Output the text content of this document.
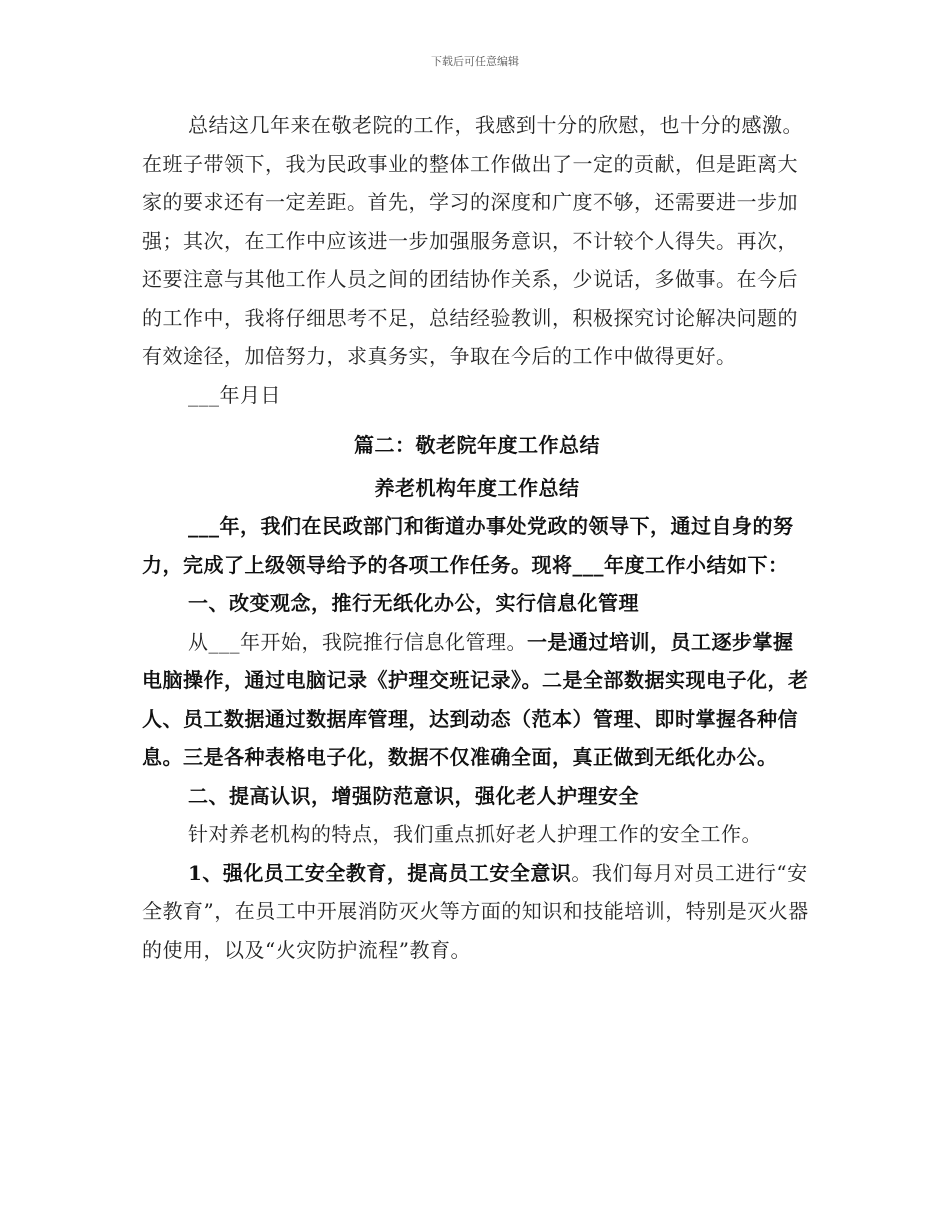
下载后可任意编辑

总结这几年来在敬老院的工作，我感到十分的欣慰，也十分的感激。在班子带领下，我为民政事业的整体工作做出了一定的贡献，但是距离大家的要求还有一定差距。首先，学习的深度和广度不够，还需要进一步加强；其次，在工作中应该进一步加强服务意识，不计较个人得失。再次，还要注意与其他工作人员之间的团结协作关系，少说话，多做事。在今后的工作中，我将仔细思考不足，总结经验教训，积极探究讨论解决问题的有效途径，加倍努力，求真务实，争取在今后的工作中做得更好。

___年月日

篇二：敬老院年度工作总结

养老机构年度工作总结

___年，我们在民政部门和街道办事处党政的领导下，通过自身的努力，完成了上级领导给予的各项工作任务。现将___年度工作小结如下：

一、改变观念，推行无纸化办公，实行信息化管理

从___年开始，我院推行信息化管理。一是通过培训，员工逐步掌握电脑操作，通过电脑记录《护理交班记录》。二是全部数据实现电子化，老人、员工数据通过数据库管理，达到动态（范本）管理、即时掌握各种信息。三是各种表格电子化，数据不仅准确全面，真正做到无纸化办公。

二、提高认识，增强防范意识，强化老人护理安全

针对养老机构的特点，我们重点抓好老人护理工作的安全工作。

1、强化员工安全教育，提高员工安全意识。我们每月对员工进行“安全教育”，在员工中开展消防灭火等方面的知识和技能培训，特别是灭火器的使用，以及“火灾防护流程”教育。
